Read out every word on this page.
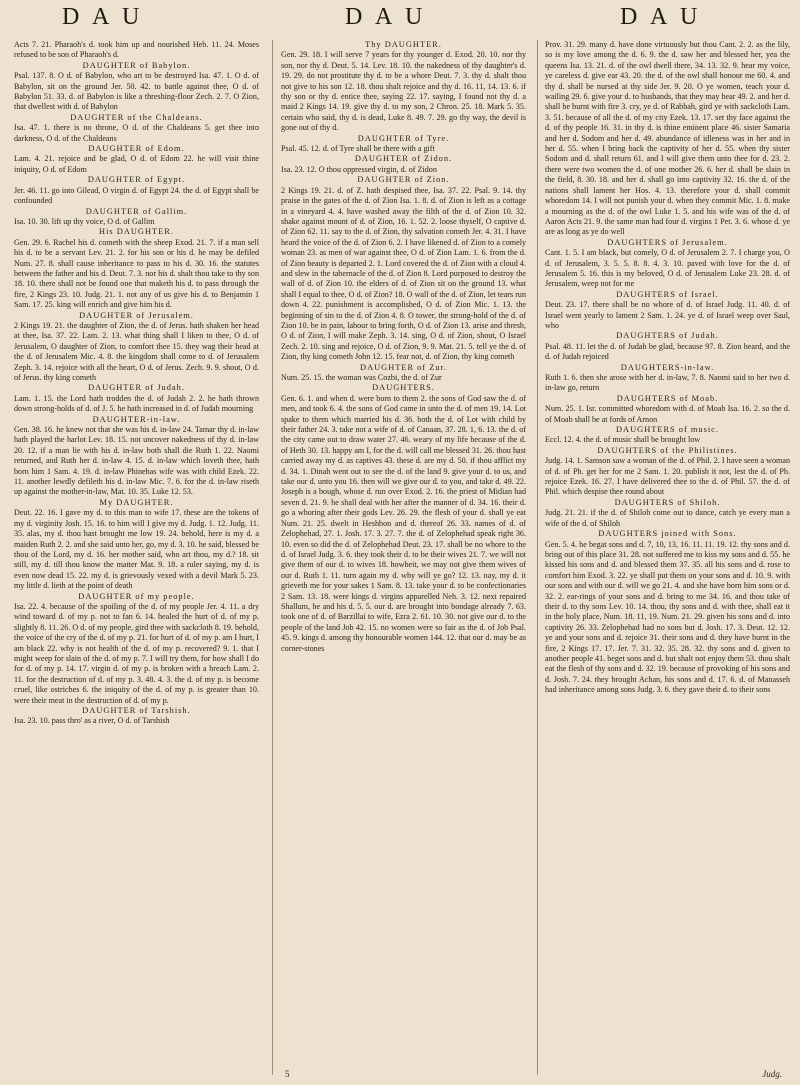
D A U	D A U	D A U

Acts 7. 21. Pharaoh's d. took him up and nourished Heb. 11. 24. Moses refused to be son of Pharaoh's d.

DAUGHTER of Babylon.

Psal. 137. 8. O d. of Babylon, who art to be destroyed Isa. 47. 1. O d. of Babylon, sit on the ground Jer. 50. 42. to battle against thee, O d. of Babylon 51. 33. d. of Babylon is like a threshing-floor Zech. 2. 7. O Zion, that dwellest with d. of Babylon

DAUGHTER of the Chaldeans.

Isa. 47. 1. there is no throne, O d. of the Chaldeans 5. get thee into darkness, O d. of the Chaldeans

DAUGHTER of Edom.

Lam. 4. 21. rejoice and be glad, O d. of Edom 22. he will visit thine iniquity, O d. of Edom

DAUGHTER of Egypt.

Jer. 46. 11. go into Gilead, O virgin d. of Egypt 24. the d. of Egypt shall be confounded

DAUGHTER of Gallim.

Isa. 10. 30. lift up thy voice, O d. of Gallim

His DAUGHTER.

Gen. 29. 6. Rachel his d. cometh with the sheep Exod. 21. 7. if a man sell his d. to be a servant Lev. 21. 2. for his son or his d. he may be defiled Num. 27. 8. shall cause inheritance to pass to his d. 30. 16. the statutes between the father and his d. Deut. 7. 3. nor his d. shalt thou take to thy son 18. 10. there shall not be found one that maketh his d. to pass through the fire, 2 Kings 23. 10. Judg. 21. 1. not any of us give his d. to Benjamin 1 Sam. 17. 25. king will enrich and give him his d.

DAUGHTER of Jerusalem.

2 Kings 19. 21. the daughter of Zion, the d. of Jerus. hath shaken her head at thee, Isa. 37. 22. Lam. 2. 13. what thing shall I liken to thee, O d. of Jerusalem, O daughter of Zion, to comfort thee 15. they wag their head at the d. of Jerusalem Mic. 4. 8. the kingdom shall come to d. of Jerusalem Zeph. 3. 14. rejoice with all the heart, O d. of Jerus. Zech. 9. 9. shout, O d. of Jerus. thy king cometh

DAUGHTER of Judah.

Lam. 1. 15. the Lord hath trodden the d. of Judah 2. 2. he hath thrown down strong-holds of d. of J. 5. he hath increased in d. of Judah mourning

DAUGHTER-in-law.

Gen. 38. 16. he knew not that she was his d. in-law 24. Tamar thy d. in-law hath played the harlot Lev. 18. 15. not uncover nakedness of thy d. in-law 20. 12. if a man lie with his d. in-law both shall die Ruth 1. 22. Naomi returned, and Ruth her d. in-law 4. 15. d. in-law which loveth thee, hath born him 1 Sam. 4. 19. d. in-law Phinehas wife was with child Ezek. 22. 11. another lewdly defileth his d. in-law Mic. 7. 6. for the d. in-law riseth up against the mother-in-law, Mat. 10. 35. Luke 12. 53.

My DAUGHTER.

Deut. 22. 16. I gave my d. to this man to wife 17. these are the tokens of my d. virginity Josh. 15. 16. to him will I give my d. Judg. 1. 12. Judg. 11. 35. alas, my d. thou hast brought me low 19. 24. behold, here is my d. a maiden Ruth 2. 2. and she said unto her, go, my d. 3. 10. he said, blessed be thou of the Lord, my d. 16. her mother said, who art thou, my d.? 18. sit still, my d. till thou know the matter Mat. 9. 18. a ruler saying, my d. is even now dead 15. 22. my d. is grievously vexed with a devil Mark 5. 23. my little d. lieth at the point of death

DAUGHTER of my people.

Isa. 22. 4. because of the spoiling of the d. of my people Jer. 4. 11. a dry wind toward d. of my p. not to fan 6. 14. healed the hurt of d. of my p. slightly 8. 11. 26. O d. of my people, gird thee with sackcloth 8. 19. behold, the voice of the cry of the d. of my p. 21. for hurt of d. of my p. am I hurt, I am black 22. why is not health of the d. of my p. recovered? 9. 1. that I might weep for slain of the d. of my p. 7. I will try them, for how shall I do for d. of my p. 14. 17. virgin d. of my p. is broken with a breach Lam. 2. 11. for the destruction of d. of my p. 3. 48. 4. 3. the d. of my p. is become cruel, like ostriches 6. the iniquity of the d. of my p. is greater than 10. were their meat in the destruction of d. of my p.

DAUGHTER of Tarshish.

Isa. 23. 10. pass thro' as a river, O d. of Tarshish

Thy DAUGHTER.

Gen. 29. 18. I will serve 7 years for thy younger d. Exod. 20. 10. nor thy son, nor thy d. Deut. 5. 14. Lev. 18. 10. the nakedness of thy daughter's d. 19. 29. do not prostitute thy d. to be a whore Deut. 7. 3. thy d. shalt thou not give to his son 12. 18. thou shalt rejoice and thy d. 16. 11, 14. 13. 6. if thy son or thy d. entice thee, saying 22. 17. saying, I found not thy d. a maid 2 Kings 14. 19. give thy d. to my son, 2 Chron. 25. 18. Mark 5. 35. certain who said, thy d. is dead, Luke 8. 49. 7. 29. go thy way, the devil is gone out of thy d.

DAUGHTER of Tyre.

Psal. 45. 12. d. of Tyre shall be there with a gift

DAUGHTER of Zidon.

Isa. 23. 12. O thou oppressed virgin, d. of Zidon

DAUGHTER of Zion.

2 Kings 19. 21. d. of Z. hath despised thee, Isa. 37. 22. Psal. 9. 14. thy praise in the gates of the d. of Zion Isa. 1. 8. d. of Zion is left as a cottage in a vineyard 4. 4. have washed away the filth of the d. of Zion 10. 32. shake against mount of d. of Zion, 16. 1. 52. 2. loose thyself, O captive d. of Zion 62. 11. say to the d. of Zion, thy salvation cometh Jer. 4. 31. I have heard the voice of the d. of Zion 6. 2. I have likened d. of Zion to a comely woman 23. as men of war against thee, O d. of Zion Lam. 1. 6. from the d. of Zion beauty is departed 2. 1. Lord covered the d. of Zion with a cloud 4. and slew in the tabernacle of the d. of Zion 8. Lord purposed to destroy the wall of d. of Zion 10. the elders of d. of Zion sit on the ground 13. what shall I equal to thee, O d. of Zion? 18. O wall of the d. of Zion, let tears run down 4. 22. punishment is accomplished, O d. of Zion Mic. 1. 13. the beginning of sin to the d. of Zion 4. 8. O tower, the strong-hold of the d. of Zion 10. be in pain, labour to bring forth, O d. of Zion 13. arise and thresh, O d. of Zion, I will make Zeph. 3. 14. sing, O d. of Zion, shout, O Israel Zech. 2. 10. sing and rejoice, O d. of Zion, 9. 9. Mat. 21. 5. tell ye the d. of Zion, thy king cometh John 12. 15. fear not, d. of Zion, thy king cometh

DAUGHTER of Zur.

Num. 25. 15. the woman was Cozbi, the d. of Zur

DAUGHTERS.

Gen. 6. 1. and when d. were born to them 2. the sons of God saw the d. of men, and took 6. 4. the sons of God came in unto the d. of men 19. 14. Lot spake to them which married his d. 36. both the d. of Lot with child by their father 24. 3. take not a wife of d. of Canaan, 37. 28. 1, 6. 13. the d. of the city came out to draw water 27. 46. weary of my life because of the d. of Heth 30. 13. happy am I, for the d. will call me blessed 31. 26. thou hast carried away my d. as captives 43. these d. are my d. 50. if thou afflict my d. 34. 1. Dinah went out to see the d. of the land 9. give your d. to us, and take our d. unto you 16. then will we give our d. to you, and take d. 49. 22. Joseph is a bough, whose d. run over Exod. 2. 16. the priest of Midian had seven d. 21. 9. he shall deal with her after the manner of d. 34. 16. their d. go a whoring after their gods Lev. 26. 29. the flesh of your d. shall ye eat Num. 21. 25. dwelt in Heshbon and d. thereof 26. 33. names of d. of Zelophehad, 27. 1. Josh. 17. 3. 27. 7. the d. of Zelophehad speak right 36. 10. even so did the d. of Zelophehad Deut. 23. 17. shall be no whore to the d. of Israel Judg. 3. 6. they took their d. to be their wives 21. 7. we will not give them of our d. to wives 18. howbeit, we may not give them wives of our d. Ruth 1. 11. turn again my d. why will ye go? 12. 13. nay, my d. it grieveth me for your sakes 1 Sam. 8. 13. take your d. to be confectionaries 2 Sam. 13. 18. were kings d. virgins apparelled Neh. 3. 12. next repaired Shallum, he and his d. 5. 5. our d. are brought into bondage already 7. 63. took one of d. of Barzillai to wife, Ezra 2. 61. 10. 30. not give our d. to the people of the land Job 42. 15. no women were so fair as the d. of Job Psal. 45. 9. kings d. among thy honourable women 144. 12. that our d. may be as corner-stones

Prov. 31. 29. many d. have done virtuously but thou Cant. 2. 2. as the lily, so is my love among the d. 6. 9. the d. saw her and blessed her, yea the queens Isa. 13. 21. d. of the owl dwell there, 34. 13. 32. 9. hear my voice, ye careless d. give ear 43. 20. the d. of the owl shall honour me 60. 4. and thy d. shall be nursed at thy side Jer. 9. 20. O ye women, teach your d. wailing 29. 6. give your d. to husbands, that they may bear 49. 2. and her d. shall be burnt with fire 3. cry, ye d. of Rabbah, gird ye with sackcloth Lam. 3. 51. because of all the d. of my city Ezek. 13. 17. set thy face against the d. of thy people 16. 31. in thy d. is thine eminent place 46. sister Samaria and her d. Sodom and her d. 49. abundance of idleness was in her and in her d. 55. when I bring back the captivity of her d. 55. when thy sister Sodom and d. shall return 61. and I will give them unto thee for d. 23. 2. there were two women the d. of one mother 26. 6. her d. shall be slain in the field, 8. 30. 18. and her d. shall go into captivity 32. 16. the d. of the nations shall lament her Hos. 4. 13. therefore your d. shall commit whoredom 14. I will not punish your d. when they commit Mic. 1. 8. make a mourning as the d. of the owl Luke 1. 5. and his wife was of the d. of Aaron Acts 21. 9. the same man had four d. virgins 1 Pet. 3. 6. whose d. ye are as long as ye do well

DAUGHTERS of Jerusalem.

Cant. 1. 5. I am black, but comely, O d. of Jerusalem 2. 7. I charge you, O d. of Jerusalem, 3. 5. 5. 8. 8. 4. 3. 10. paved with love for the d. of Jerusalem 5. 16. this is my beloved, O d. of Jerusalem Luke 23. 28. d. of Jerusalem, weep not for me

DAUGHTERS of Israel.

Deut. 23. 17. there shall be no whore of d. of Israel Judg. 11. 40. d. of Israel went yearly to lament 2 Sam. 1. 24. ye d. of Israel weep over Saul, who

DAUGHTERS of Judah.

Psal. 48. 11. let the d. of Judah be glad, because 97. 8. Zion heard, and the d. of Judah rejoiced

DAUGHTERS-in-law.

Ruth 1. 6. then she arose with her d. in-law, 7. 8. Naomi said to her two d. in-law go, return

DAUGHTERS of Moab.

Num. 25. 1. Isr. committed whoredom with d. of Moab Isa. 16. 2. so the d. of Moab shall be at fords of Arnon

DAUGHTERS of music.

Eccl. 12. 4. the d. of music shall be brought low

DAUGHTERS of the Philistines.

Judg. 14. 1. Samson saw a woman of the d. of Phil. 2. I have seen a woman of d. of Ph. get her for me 2 Sam. 1. 20. publish it not, lest the d. of Ph. rejoice Ezek. 16. 27. I have delivered thee to the d. of Phil. 57. the d. of Phil. which despise thee round about

DAUGHTERS of Shiloh.

Judg. 21. 21. if the d. of Shiloh come out to dance, catch ye every man a wife of the d. of Shiloh

DAUGHTERS joined with Sons.

Gen. 5. 4. he begat sons and d. 7, 10, 13, 16. 11. 11. 19. 12. thy sons and d. bring out of this place 31. 28. not suffered me to kiss my sons and d. 55. he kissed his sons and d. and blessed them 37. 35. all his sons and d. rose to comfort him Exod. 3. 22. ye shall put them on your sons and d. 10. 9. with our sons and with our d. will we go 21. 4. and she have born him sons or d. 32. 2. ear-rings of your sons and d. bring to me 34. 16. and thou take of their d. to thy sons Lev. 10. 14. thou, thy sons and d. with thee, shall eat it in the holy place, Num. 18. 11, 19. Num. 21. 29. given his sons and d. into captivity 26. 33. Zelophehad had no sons but d. Josh. 17. 3. Deut. 12. 12. ye and your sons and d. rejoice 31. their sons and d. they have burnt in the fire, 2 Kings 17. 17. Jer. 7. 31. 32. 35. 28. 32. thy sons and d. given to another people 41. beget sons and d. but shalt not enjoy them 53. thou shalt eat the flesh of thy sons and d. 32. 19. because of provoking of his sons and d. Josh. 7. 24. they brought Achan, his sons and d. 17. 6. d. of Manasseh had inheritance among sons Judg. 3. 6. they gave their d. to their sons

5	Judg.
